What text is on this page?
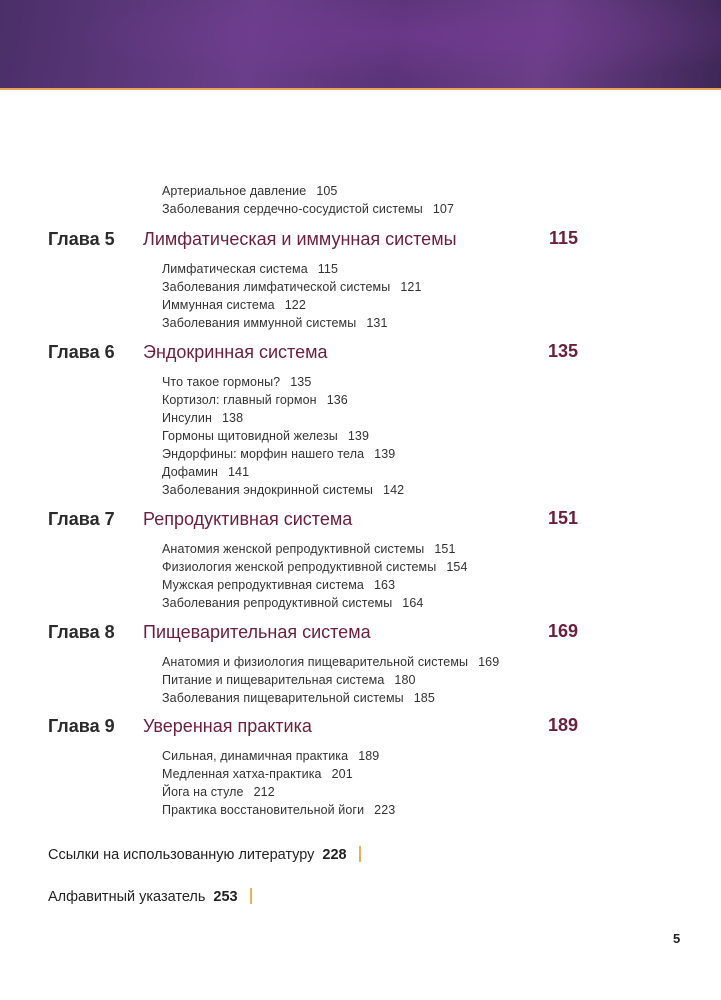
Артериальное давление 105
Заболевания сердечно-сосудистой системы 107
Глава 5 Лимфатическая и иммунная системы	115
Лимфатическая система 115
Заболевания лимфатической системы 121
Иммунная система 122
Заболевания иммунной системы 131
Глава 6 Эндокринная система	135
Что такое гормоны? 135
Кортизол: главный гормон 136
Инсулин 138
Гормоны щитовидной железы 139
Эндорфины: морфин нашего тела 139
Дофамин 141
Заболевания эндокринной системы 142
Глава 7 Репродуктивная система	151
Анатомия женской репродуктивной системы 151
Физиология женской репродуктивной системы 154
Мужская репродуктивная система 163
Заболевания репродуктивной системы 164
Глава 8 Пищеварительная система	169
Анатомия и физиология пищеварительной системы 169
Питание и пищеварительная система 180
Заболевания пищеварительной системы 185
Глава 9 Уверенная практика	189
Сильная, динамичная практика 189
Медленная хатха-практика 201
Йога на стуле 212
Практика восстановительной йоги 223
Ссылки на использованную литературу 228
Алфавитный указатель 253
5
